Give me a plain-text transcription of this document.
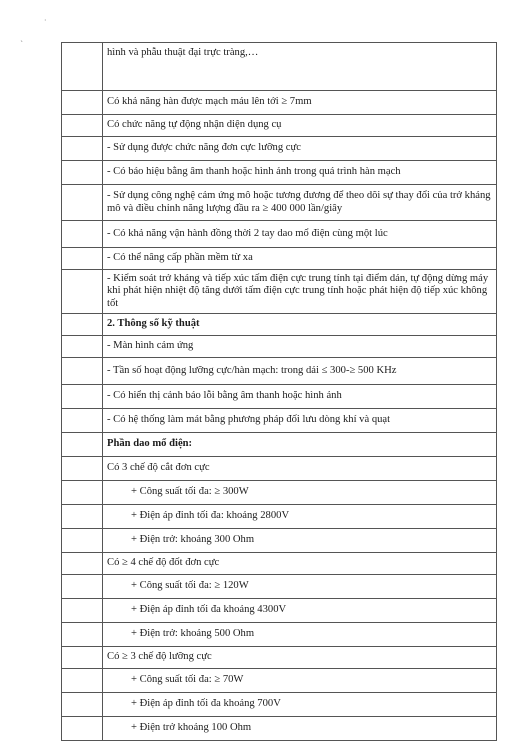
·
ˋ
	hình và phẫu thuật đại trực tràng,…
	Có khả năng hàn được mạch máu lên tới ≥ 7mm
	Có chức năng tự động nhận diện dụng cụ
	- Sử dụng được chức năng đơn cực lưỡng cực
	- Có báo hiệu bằng âm thanh hoặc hình ảnh trong quá trình hàn mạch
	- Sử dụng công nghệ cảm ứng mô hoặc tương đương để theo dõi sự thay đổi của trở kháng mô và điều chỉnh năng lượng đầu ra ≥ 400 000 lần/giây
	- Có khả năng vận hành đồng thời 2 tay dao mổ điện cùng một lúc
	- Có thể nâng cấp phần mềm từ xa
	- Kiểm soát trở kháng và tiếp xúc tấm điện cực trung tính tại điểm dán, tự động dừng máy khi phát hiện nhiệt độ tăng dưới tấm điện cực trung tính hoặc phát hiện độ tiếp xúc không tốt
	2. Thông số kỹ thuật
	- Màn hình cảm ứng
	- Tần số hoạt động lưỡng cực/hàn mạch: trong dải ≤ 300-≥ 500 KHz
	- Có hiển thị cảnh báo lỗi bằng âm thanh hoặc hình ảnh
	- Có hệ thống làm mát bằng phương pháp đối lưu dòng khí và quạt
	Phần dao mổ điện:
	Có 3 chế độ cắt đơn cực
	+ Công suất tối đa: ≥ 300W
	+ Điện áp đỉnh tối đa: khoảng 2800V
	+ Điện trở: khoảng 300 Ohm
	Có ≥ 4 chế độ đốt đơn cực
	+ Công suất tối đa: ≥ 120W
	+ Điện áp đỉnh tối đa khoảng 4300V
	+ Điện trở: khoảng 500 Ohm
	Có ≥ 3 chế độ lưỡng cực
	+ Công suất tối đa: ≥ 70W
	+ Điện áp đỉnh tối đa khoảng 700V
	+ Điện trở khoảng 100 Ohm
